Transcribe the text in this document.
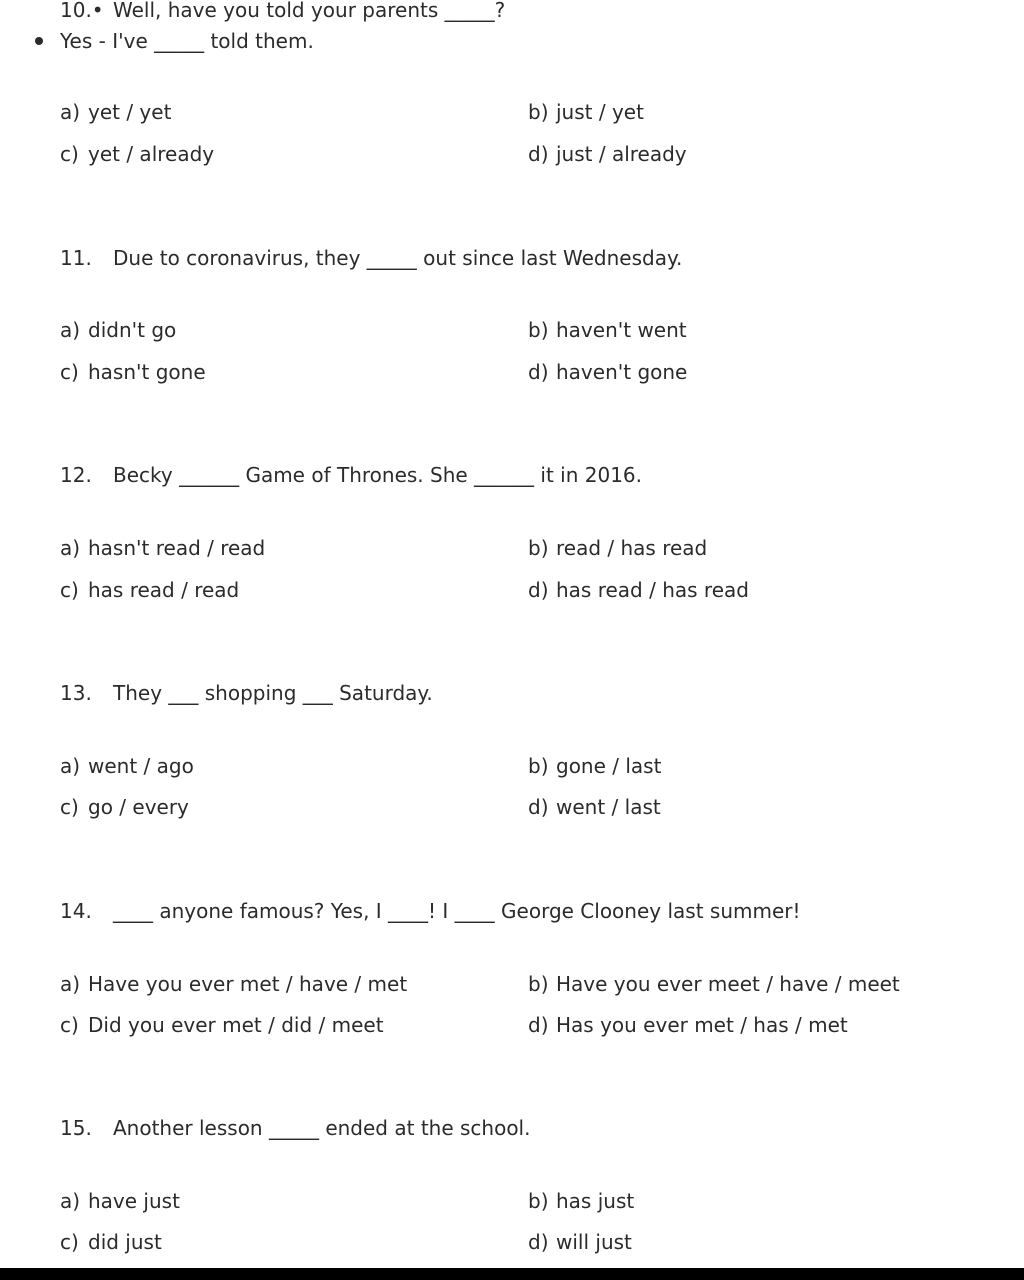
10.• Well, have you told your parents _____?
Yes - I've _____ told them.
a) yet / yet	b) just / yet
c) yet / already	d) just / already
11. Due to coronavirus, they _____ out since last Wednesday.
a) didn't go	b) haven't went
c) hasn't gone	d) haven't gone
12. Becky ______ Game of Thrones. She ______ it in 2016.
a) hasn't read / read	b) read / has read
c) has read / read	d) has read / has read
13. They ___ shopping ___ Saturday.
a) went / ago	b) gone / last
c) go / every	d) went / last
14. ____ anyone famous? Yes, I ____! I ____ George Clooney last summer!
a) Have you ever met / have / met	b) Have you ever meet / have / meet
c) Did you ever met / did / meet	d) Has you ever met / has / met
15. Another lesson _____ ended at the school.
a) have just	b) has just
c) did just	d) will just
